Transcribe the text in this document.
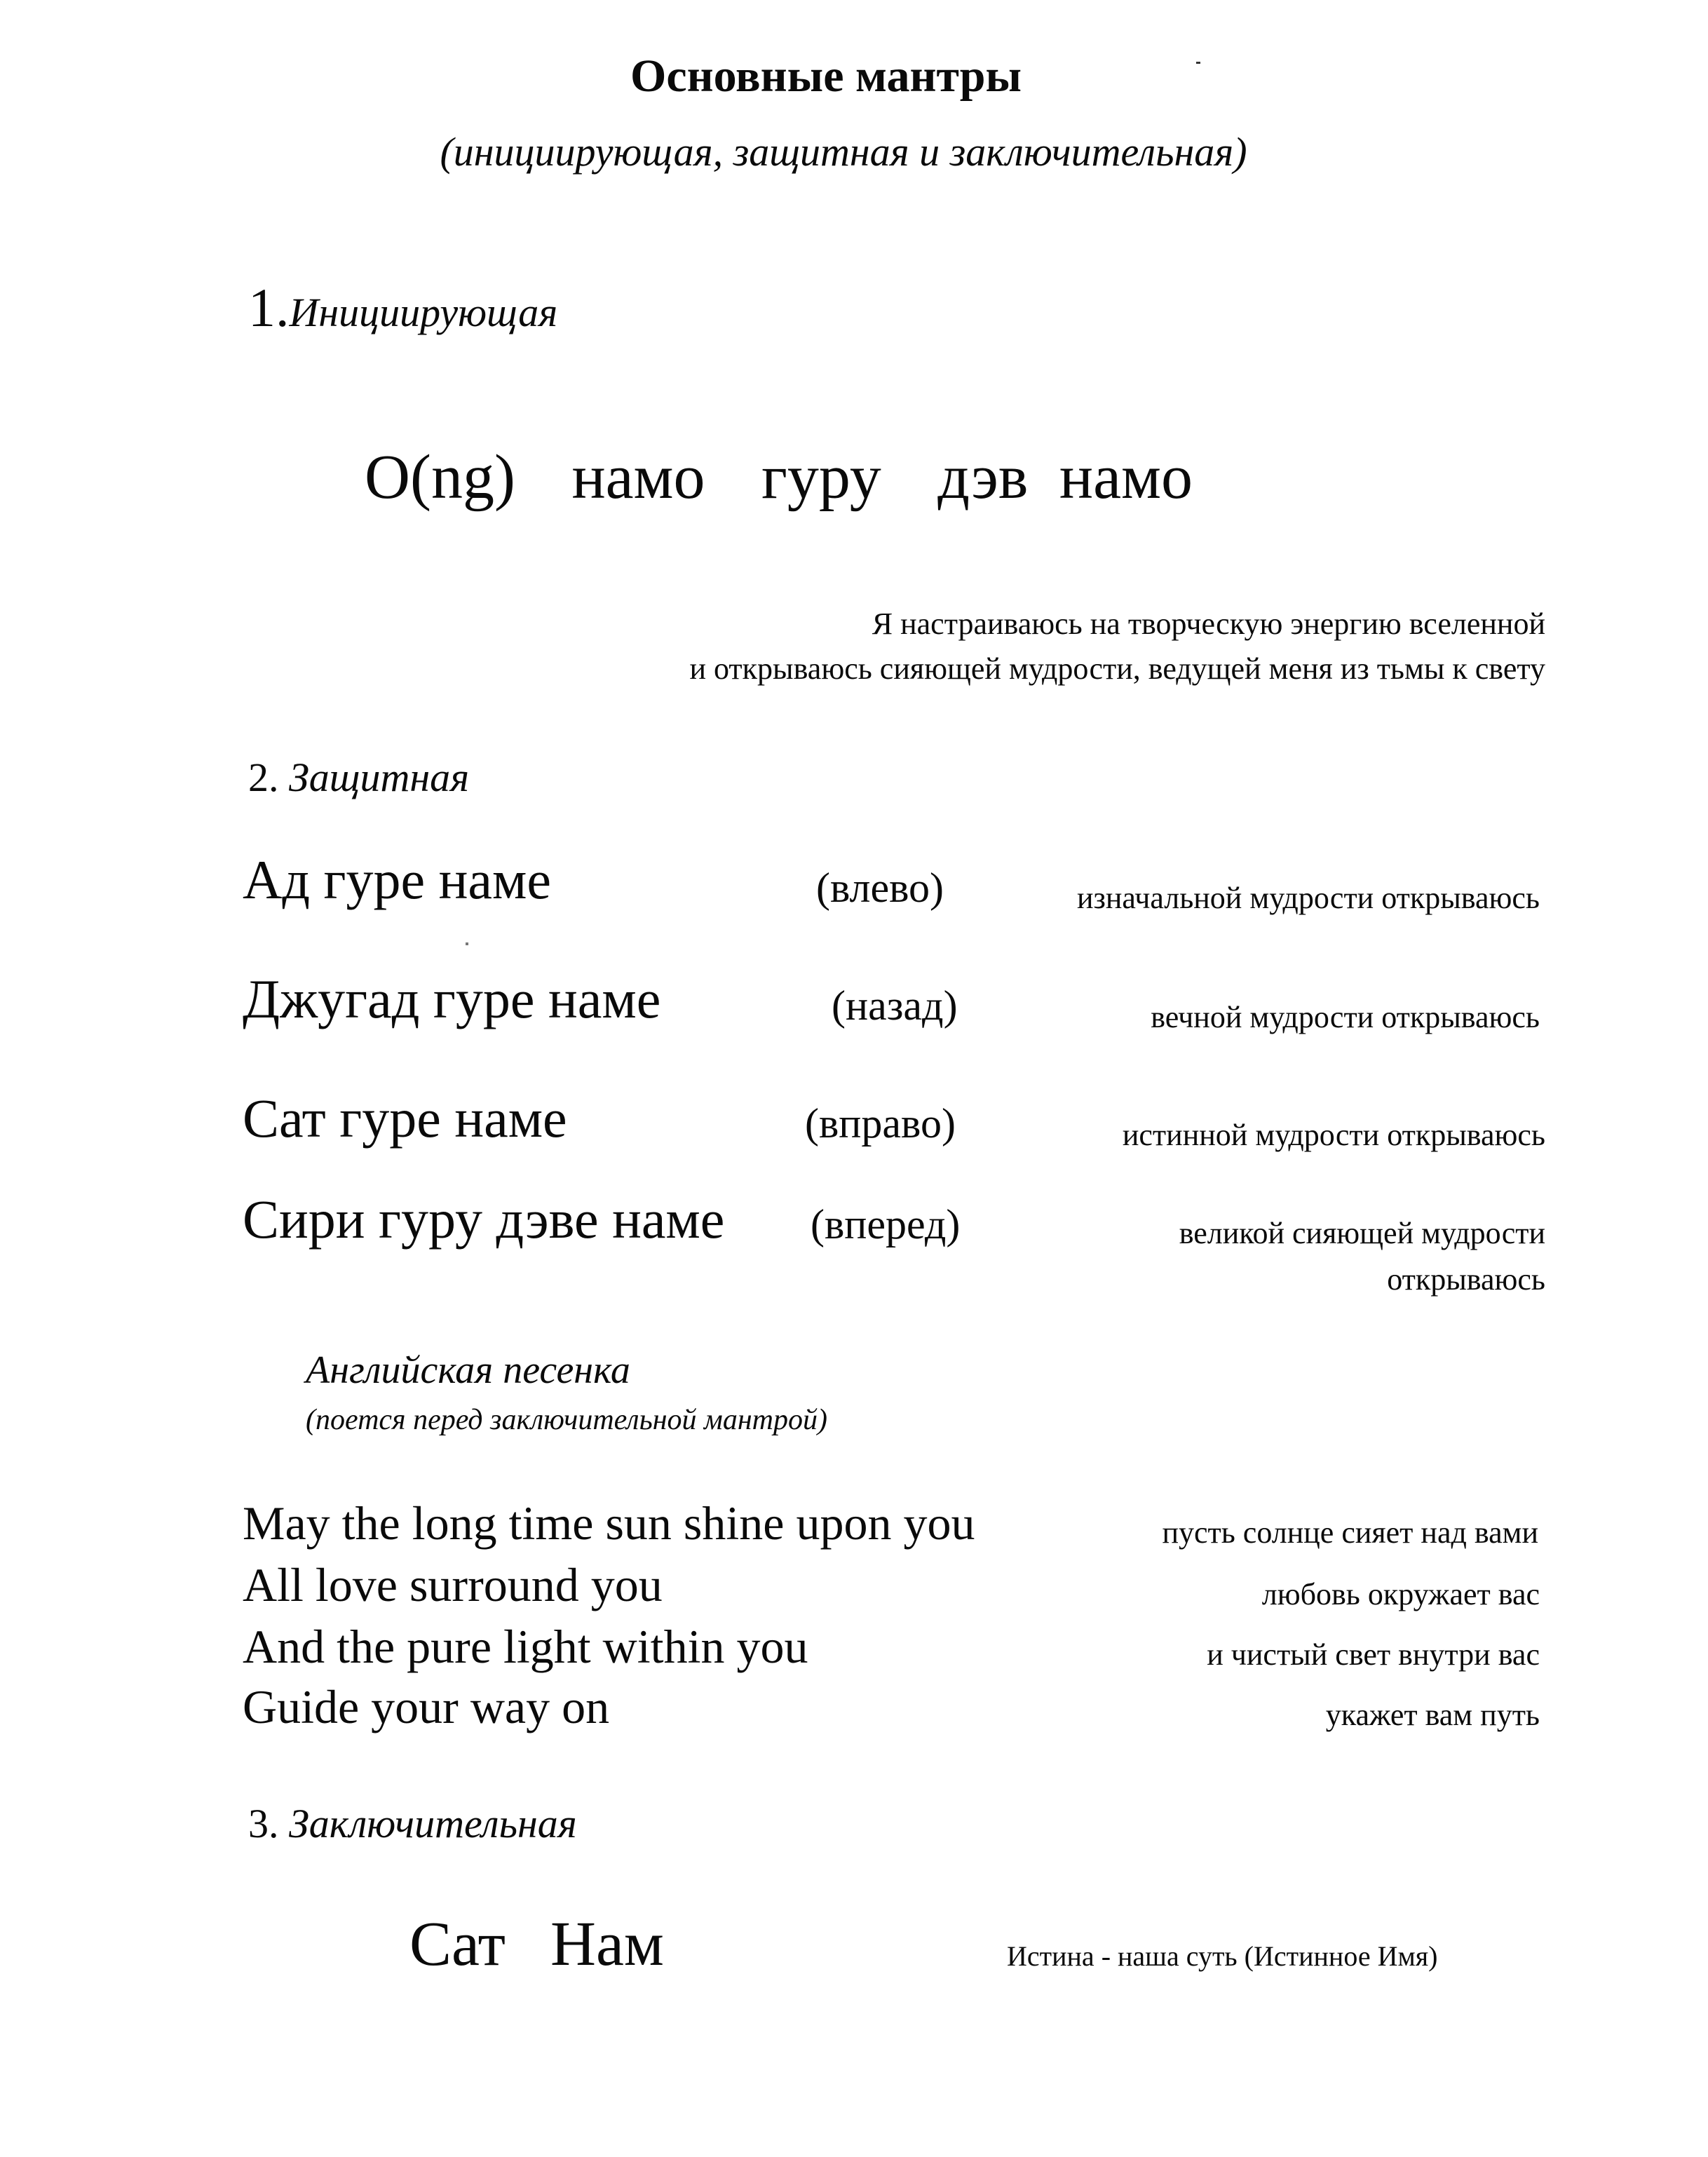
Основные мантры
(инициирующая, защитная и заключительная)
1.Инициирующая
O(ng) намо гуру дэв намо
Я настраиваюсь на творческую энергию вселенной
и открываюсь сияющей мудрости, ведущей меня из тьмы к свету
2. Защитная
Ад гуре наме	(влево)	изначальной мудрости открываюсь
Джугад гуре наме	(назад)	вечной мудрости открываюсь
Сат гуре наме	(вправо)	истинной мудрости открываюсь
Сири гуру дэве наме (вперед)	великой сияющей мудрости
открываюсь
Английская песенка
(поется перед заключительной мантрой)
May the long time sun shine upon you	пусть солнце сияет над вами
All love surround you	любовь окружает вас
And the pure light within you	и чистый свет внутри вас
Guide your way on	укажет вам путь
3. Заключительная
Сат Нам	Истина - наша суть (Истинное Имя)
